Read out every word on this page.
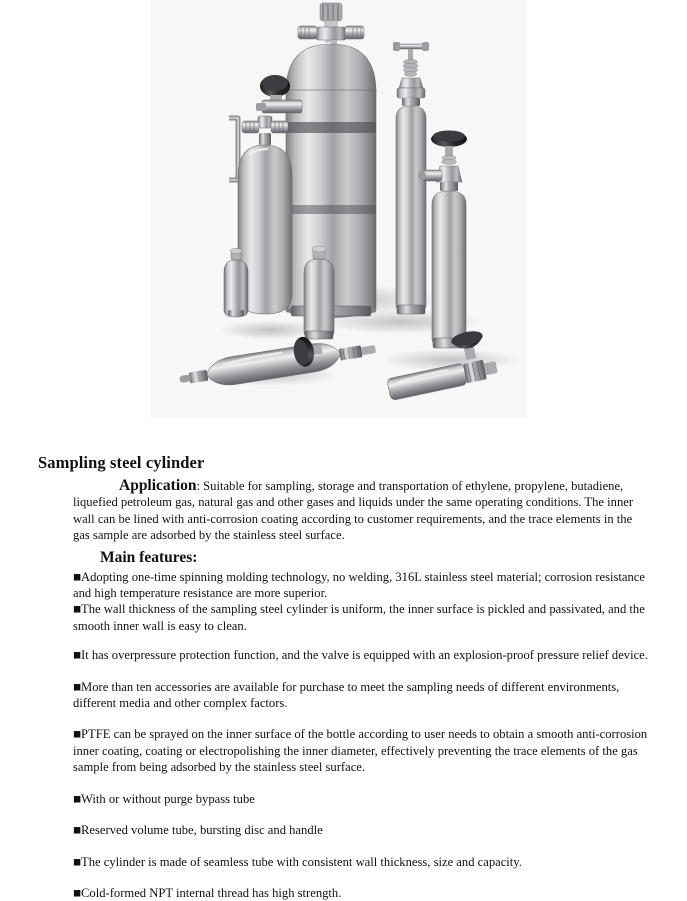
Sampling steel cylinder

Application: Suitable for sampling, storage and transportation of ethylene, propylene, butadiene, liquefied petroleum gas, natural gas and other gases and liquids under the same operating conditions. The inner wall can be lined with anti-corrosion coating according to customer requirements, and the trace elements in the gas sample are adsorbed by the stainless steel surface.

Main features:

■Adopting one-time spinning molding technology, no welding, 316L stainless steel material; corrosion resistance and high temperature resistance are more superior.

■The wall thickness of the sampling steel cylinder is uniform, the inner surface is pickled and passivated, and the smooth inner wall is easy to clean.

■It has overpressure protection function, and the valve is equipped with an explosion-proof pressure relief device.

■More than ten accessories are available for purchase to meet the sampling needs of different environments, different media and other complex factors.

■PTFE can be sprayed on the inner surface of the bottle according to user needs to obtain a smooth anti-corrosion inner coating, coating or electropolishing the inner diameter, effectively preventing the trace elements of the gas sample from being adsorbed by the stainless steel surface.

■With or without purge bypass tube

■Reserved volume tube, bursting disc and handle

■The cylinder is made of seamless tube with consistent wall thickness, size and capacity.

■Cold-formed NPT internal thread has high strength.
